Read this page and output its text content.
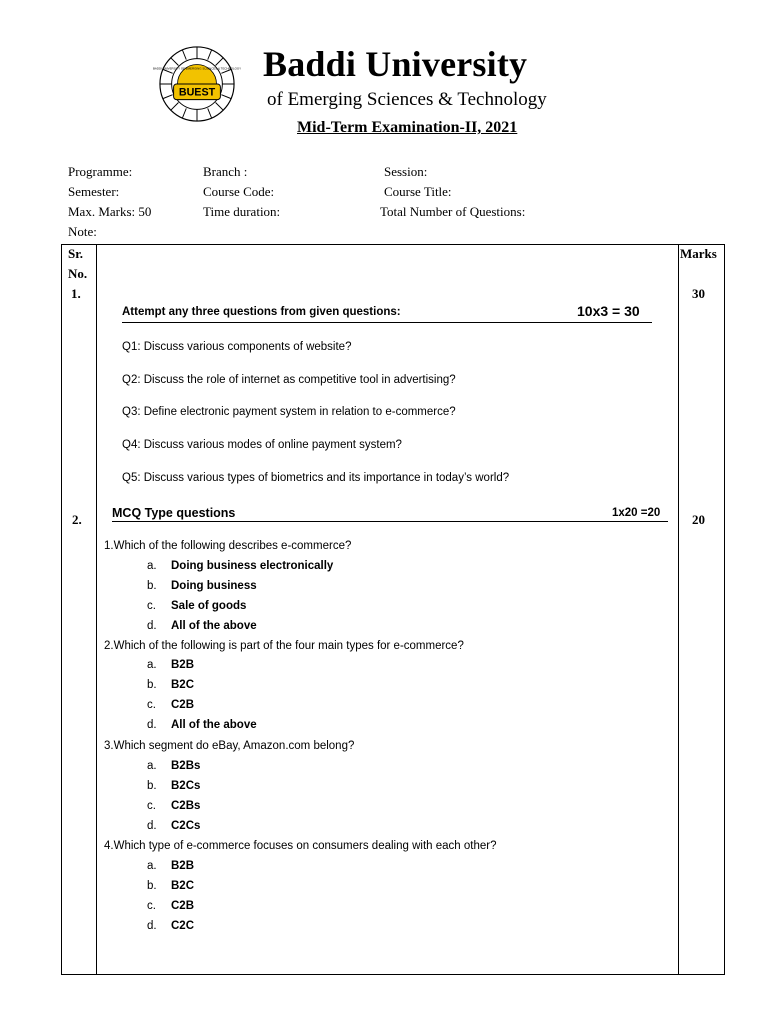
BUEST
BADDI UNIVERSITY OF EMERGING SCIENCES & TECHNOLOGY Baddi University
of Emerging Sciences & Technology
Mid-Term Examination-II, 2021
Programme:	Branch :	Session:
Semester:	Course Code:	Course Title:
Max. Marks: 50	Time duration:	Total Number of Questions:
Note:
Sr.
No.
Marks
1.	30
Attempt any three questions from given questions:	10x3 = 30
Q1: Discuss various components of website?
Q2: Discuss the role of internet as competitive tool in advertising?
Q3: Define electronic payment system in relation to e-commerce?
Q4: Discuss various modes of online payment system?
Q5: Discuss various types of biometrics and its importance in today’s world?
2.	20
MCQ Type questions	1x20 =20
1.Which of the following describes e-commerce?
a. Doing business electronically
b. Doing business
c. Sale of goods
d. All of the above
2.Which of the following is part of the four main types for e-commerce?
a. B2B
b. B2C
c. C2B
d. All of the above
3.Which segment do eBay, Amazon.com belong?
a. B2Bs
b. B2Cs
c. C2Bs
d. C2Cs
4.Which type of e-commerce focuses on consumers dealing with each other?
a. B2B
b. B2C
c. C2B
d. C2C
